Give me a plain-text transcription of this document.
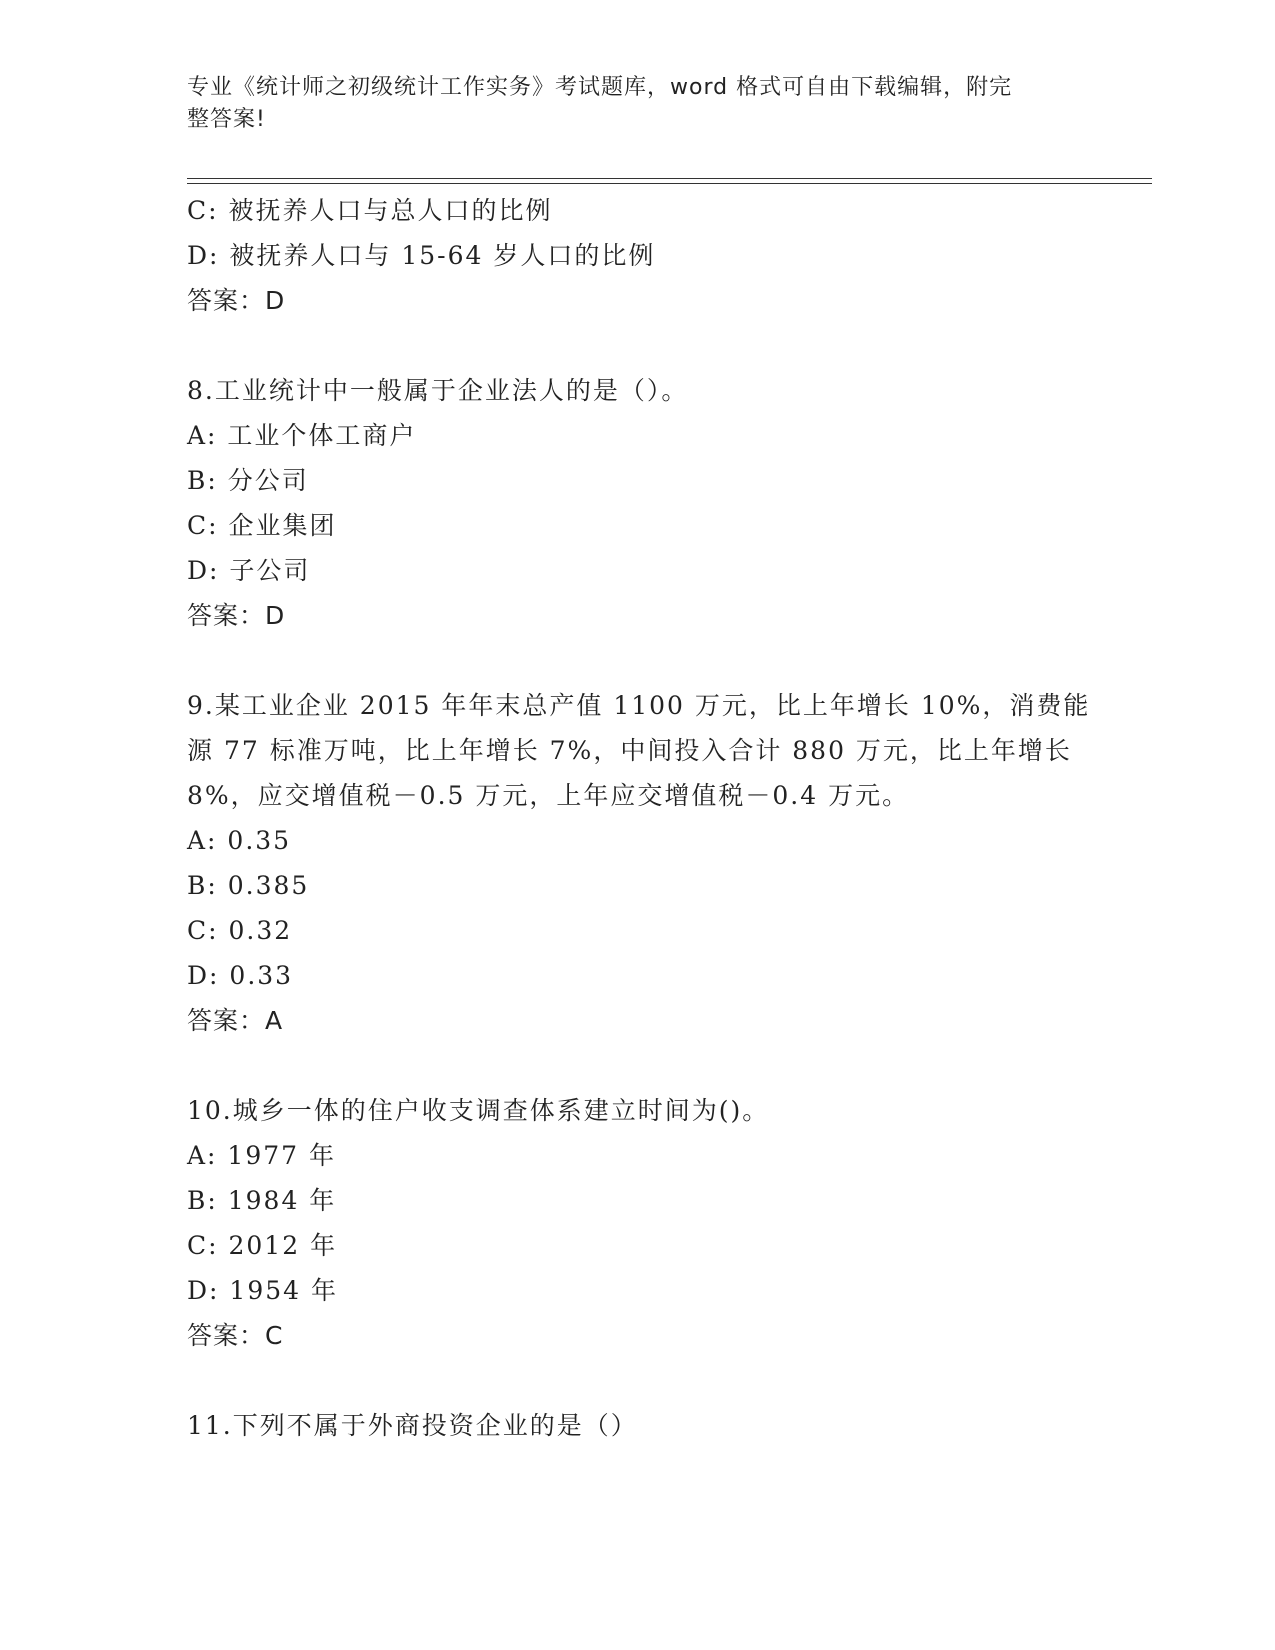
专业《统计师之初级统计工作实务》考试题库，word 格式可自由下载编辑，附完
整答案!
C: 被抚养人口与总人口的比例
D: 被抚养人口与 15-64 岁人口的比例
答案：D
8.工业统计中一般属于企业法人的是（）。
A: 工业个体工商户
B: 分公司
C: 企业集团
D: 子公司
答案：D
9.某工业企业 2015 年年末总产值 1100 万元，比上年增长 10%，消费能
源 77 标准万吨，比上年增长 7%，中间投入合计 880 万元，比上年增长
8%，应交增值税－0.5 万元，上年应交增值税－0.4 万元。
A: 0.35
B: 0.385
C: 0.32
D: 0.33
答案：A
10.城乡一体的住户收支调查体系建立时间为()。
A: 1977 年
B: 1984 年
C: 2012 年
D: 1954 年
答案：C
11.下列不属于外商投资企业的是（）
